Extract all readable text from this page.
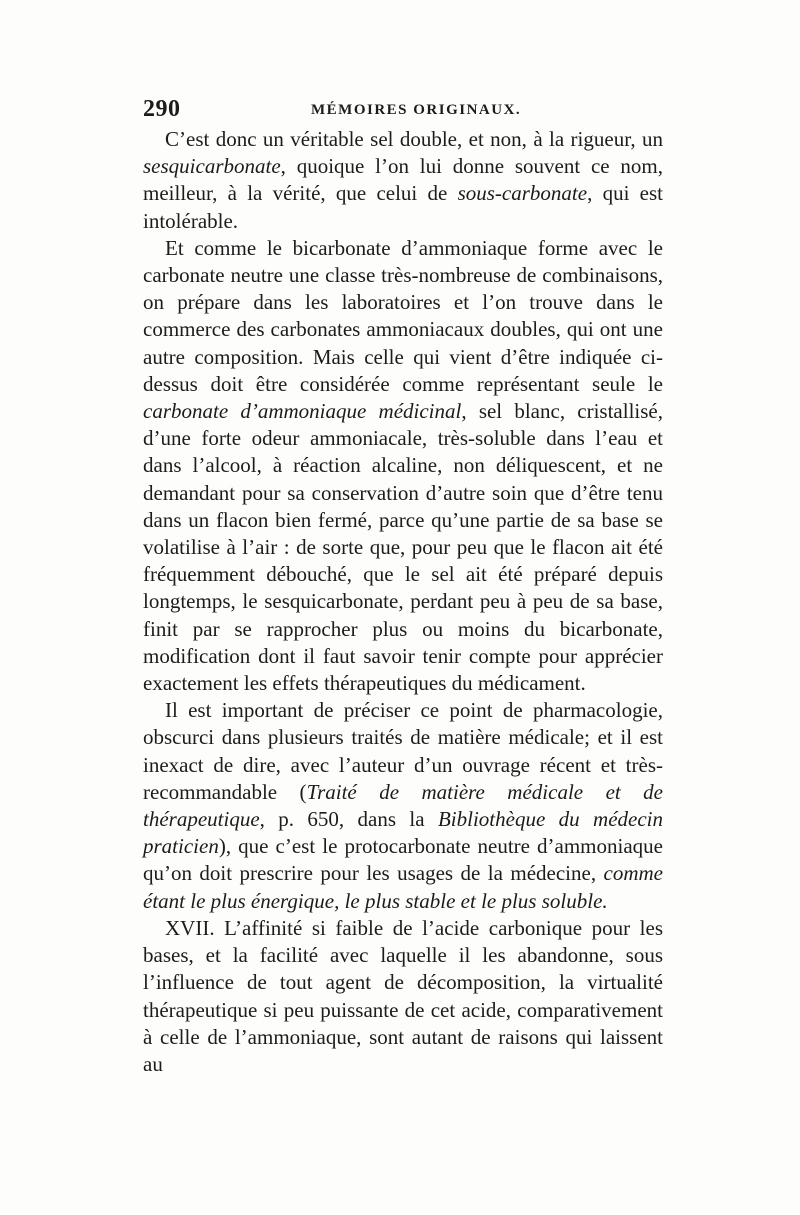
290	MÉMOIRES ORIGINAUX.

C’est donc un véritable sel double, et non, à la rigueur, un sesquicarbonate, quoique l’on lui donne souvent ce nom, meilleur, à la vérité, que celui de sous-carbonate, qui est intolérable.

Et comme le bicarbonate d’ammoniaque forme avec le carbonate neutre une classe très-nombreuse de combinaisons, on prépare dans les laboratoires et l’on trouve dans le commerce des carbonates ammoniacaux doubles, qui ont une autre composition. Mais celle qui vient d’être indiquée ci-dessus doit être considérée comme représentant seule le carbonate d’ammoniaque médicinal, sel blanc, cristallisé, d’une forte odeur ammoniacale, très-soluble dans l’eau et dans l’alcool, à réaction alcaline, non déliquescent, et ne demandant pour sa conservation d’autre soin que d’être tenu dans un flacon bien fermé, parce qu’une partie de sa base se volatilise à l’air : de sorte que, pour peu que le flacon ait été fréquemment débouché, que le sel ait été préparé depuis longtemps, le sesquicarbonate, perdant peu à peu de sa base, finit par se rapprocher plus ou moins du bicarbonate, modification dont il faut savoir tenir compte pour apprécier exactement les effets thérapeutiques du médicament.

Il est important de préciser ce point de pharmacologie, obscurci dans plusieurs traités de matière médicale; et il est inexact de dire, avec l’auteur d’un ouvrage récent et très-recommandable (Traité de matière médicale et de thérapeutique, p. 650, dans la Bibliothèque du médecin praticien), que c’est le protocarbonate neutre d’ammoniaque qu’on doit prescrire pour les usages de la médecine, comme étant le plus énergique, le plus stable et le plus soluble.

XVII. L’affinité si faible de l’acide carbonique pour les bases, et la facilité avec laquelle il les abandonne, sous l’influence de tout agent de décomposition, la virtualité thérapeutique si peu puissante de cet acide, comparativement à celle de l’ammoniaque, sont autant de raisons qui laissent au
